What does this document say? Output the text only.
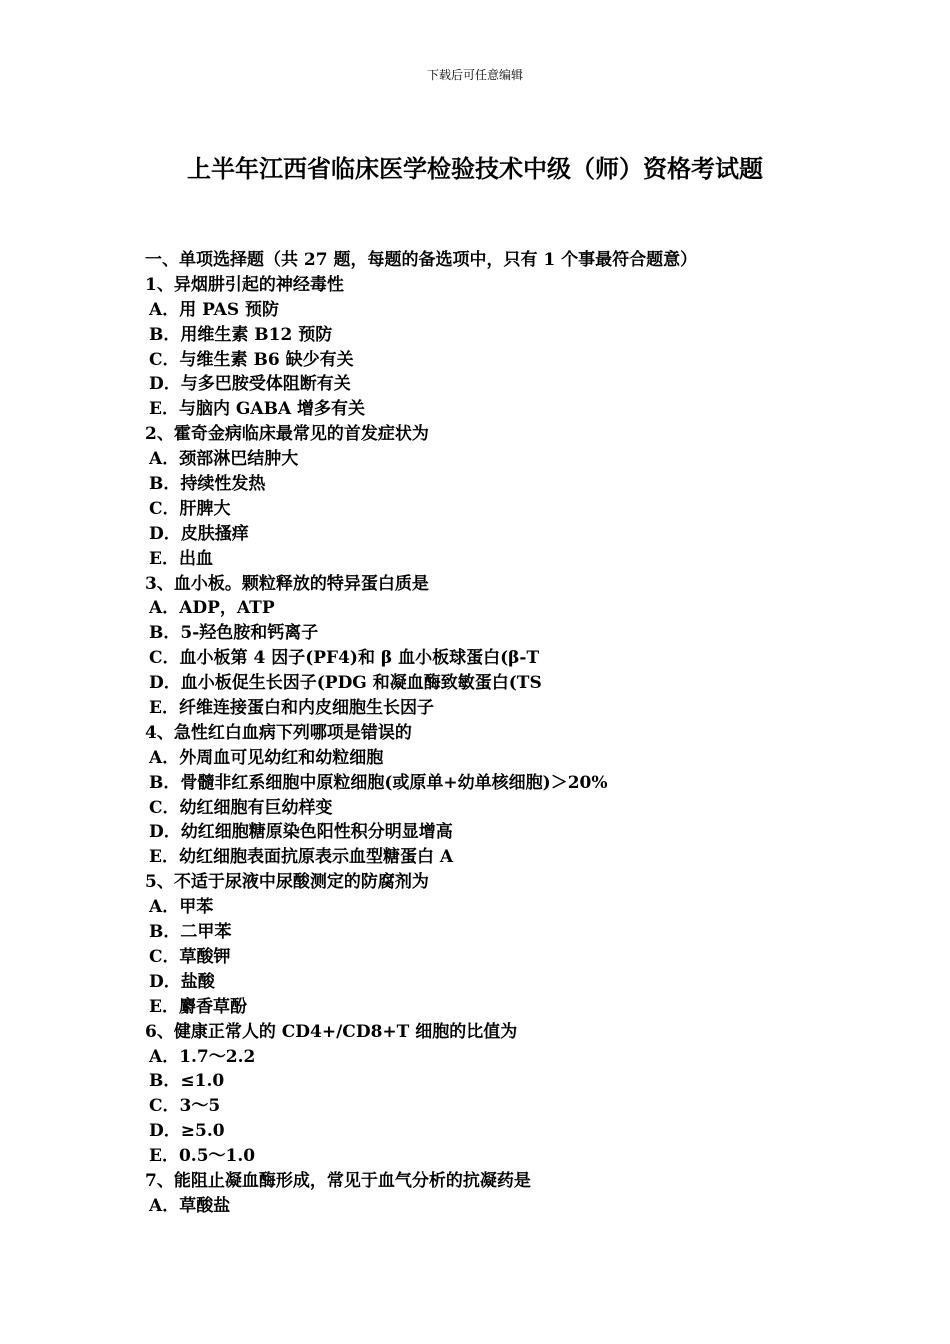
下载后可任意编辑
上半年江西省临床医学检验技术中级（师）资格考试题
一、单项选择题（共 27 题，每题的备选项中，只有 1 个事最符合题意）
1、异烟肼引起的神经毒性
A．用 PAS 预防
B．用维生素 B12 预防
C．与维生素 B6 缺少有关
D．与多巴胺受体阻断有关
E．与脑内 GABA 增多有关
2、霍奇金病临床最常见的首发症状为
A．颈部淋巴结肿大
B．持续性发热
C．肝脾大
D．皮肤搔痒
E．出血
3、血小板。颗粒释放的特异蛋白质是
A．ADP，ATP
B．5-羟色胺和钙离子
C．血小板第 4 因子(PF4)和 β 血小板球蛋白(β-T
D．血小板促生长因子(PDG 和凝血酶致敏蛋白(TS
E．纤维连接蛋白和内皮细胞生长因子
4、急性红白血病下列哪项是错误的
A．外周血可见幼红和幼粒细胞
B．骨髓非红系细胞中原粒细胞(或原单+幼单核细胞)＞20%
C．幼红细胞有巨幼样变
D．幼红细胞糖原染色阳性积分明显增高
E．幼红细胞表面抗原表示血型糖蛋白 A
5、不适于尿液中尿酸测定的防腐剂为
A．甲苯
B．二甲苯
C．草酸钾
D．盐酸
E．麝香草酚
6、健康正常人的 CD4+/CD8+T 细胞的比值为
A．1.7～2.2
B．≤1.0
C．3～5
D．≥5.0
E．0.5～1.0
7、能阻止凝血酶形成，常见于血气分析的抗凝药是
A．草酸盐
